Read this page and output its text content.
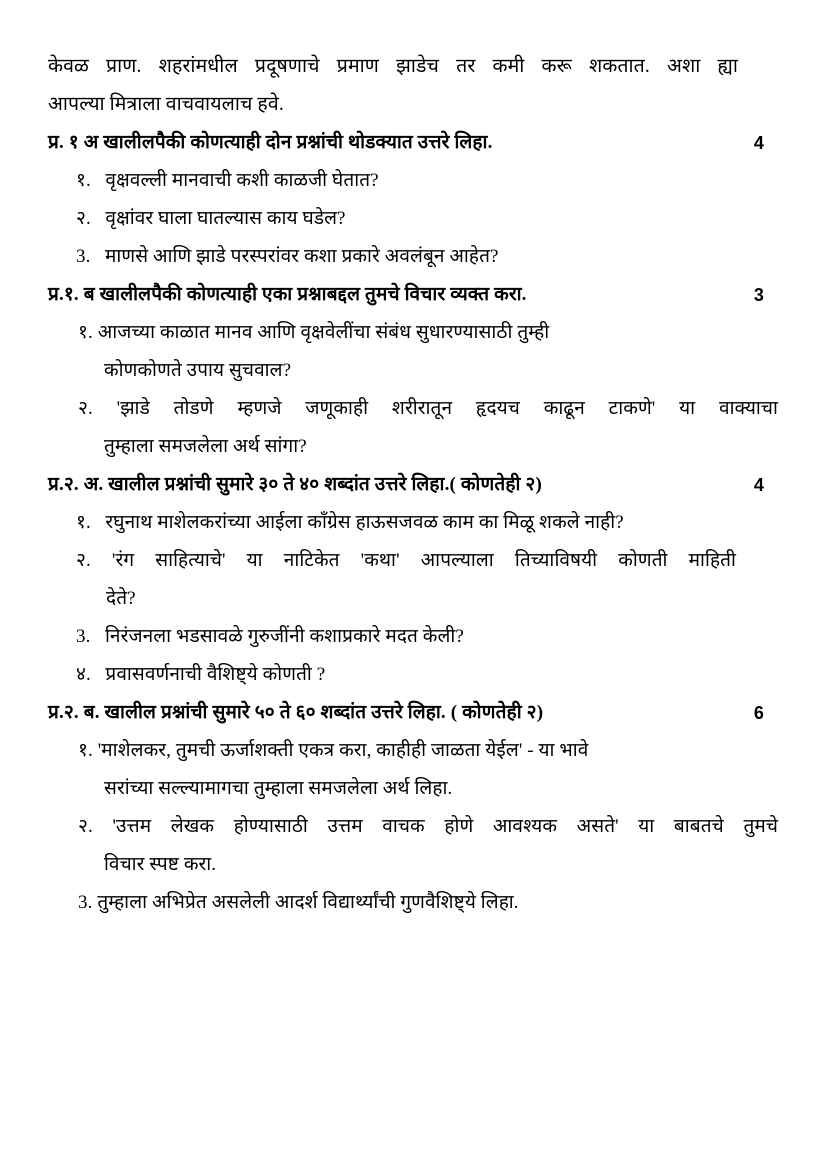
केवळ प्राण. शहरांमधील प्रदूषणाचे प्रमाण झाडेच तर कमी करू शकतात. अशा ह्या
आपल्या मित्राला वाचवायलाच हवे.
प्र. १ अ खालीलपैकी कोणत्याही दोन प्रश्नांची थोडक्यात उत्तरे लिहा.	4
१. वृक्षवल्ली मानवाची कशी काळजी घेतात?
२. वृक्षांवर घाला घातल्यास काय घडेल?
3. माणसे आणि झाडे परस्परांवर कशा प्रकारे अवलंबून आहेत?
प्र.१. ब खालीलपैकी कोणत्याही एका प्रश्नाबद्दल तुमचे विचार व्यक्त करा.	3
१. आजच्या काळात मानव आणि वृक्षवेलींचा संबंध सुधारण्यासाठी तुम्ही
कोणकोणते उपाय सुचवाल?
२. 'झाडे तोडणे म्हणजे जणूकाही शरीरातून हृदयच काढून टाकणे' या वाक्याचा
तुम्हाला समजलेला अर्थ सांगा?
प्र.२. अ. खालील प्रश्नांची सुमारे ३० ते ४० शब्दांत उत्तरे लिहा.( कोणतेही २)	4
१. रघुनाथ माशेलकरांच्या आईला काँग्रेस हाऊसजवळ काम का मिळू शकले नाही?
२. 'रंग साहित्याचे' या नाटिकेत 'कथा' आपल्याला तिच्याविषयी कोणती माहिती
देते?
3. निरंजनला भडसावळे गुरुजींनी कशाप्रकारे मदत केली?
४. प्रवासवर्णनाची वैशिष्ट्ये कोणती ?
प्र.२. ब. खालील प्रश्नांची सुमारे ५० ते ६० शब्दांत उत्तरे लिहा. ( कोणतेही २)	6
१. 'माशेलकर, तुमची ऊर्जाशक्ती एकत्र करा, काहीही जाळता येईल' - या भावे
सरांच्या सल्ल्यामागचा तुम्हाला समजलेला अर्थ लिहा.
२. 'उत्तम लेखक होण्यासाठी उत्तम वाचक होणे आवश्यक असते' या बाबतचे तुमचे
विचार स्पष्ट करा.
3. तुम्हाला अभिप्रेत असलेली आदर्श विद्यार्थ्यांची गुणवैशिष्ट्ये लिहा.
